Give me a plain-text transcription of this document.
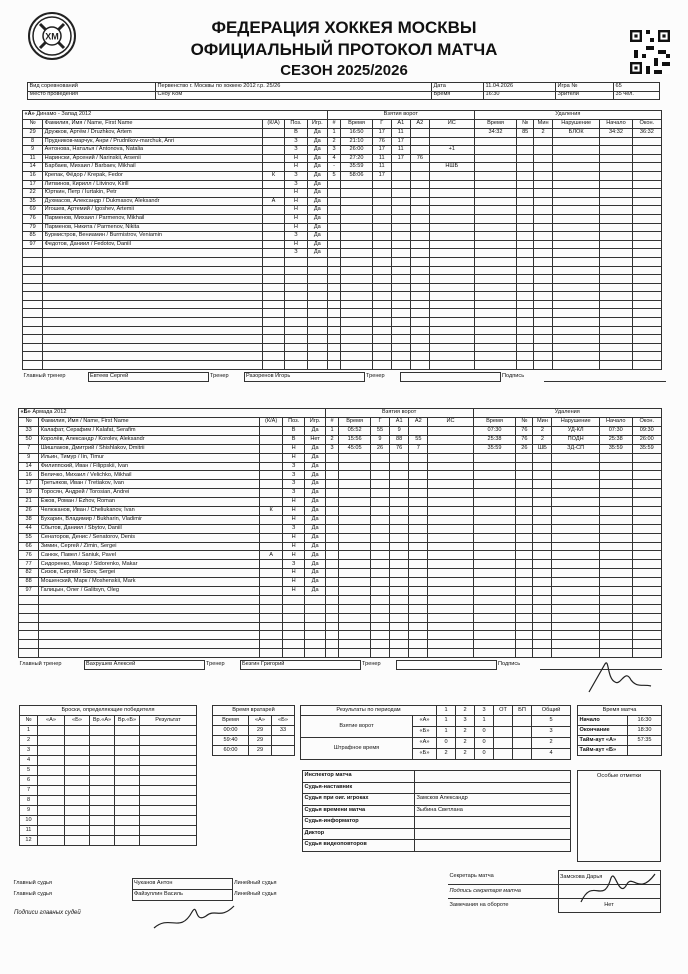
ХМ	ФЕДЕРАЦИЯ ХОККЕЯ МОСКВЫ
ОФИЦИАЛЬНЫЙ ПРОТОКОЛ МАТЧА
СЕЗОН 2025/2026
Вид соревнований	Первенство г. Москвы по хоккею 2012 г.р. 25/26	Дата	11.04.2026	Игра №	65
Место проведения	Сноу Ком	Время	16:30	Зрители	35 чел.
«А» Динамо - Запад 2012					Взятия ворот						Удаления					
№	Фамилия, Имя / Name, First Name	(К/А)	Поз.	Игр.	#	Время	Г	А1	А2	ИС	Время	№	Мин	Нарушение	Начало	Окон.
29	Дружков, Артём / Druzhkov, Artem		В	Да	1	16:50	17	11			34:32	85	2	БЛОК	34:32	36:32
8	Прудников-марчук, Анри / Prudnikov-marchuk, Anri		З	Да	2	21:10	76	17								
9	Антонова, Наталья / Antonova, Natalia		З	Да	3	26:00	17	11		+1						
11	Нарински, Арсений / Narinskii, Arsenii		Н	Да	4	27:20	11	17	76							
14	Барбаев, Михаил / Barbaev, Mikhail		Н	Да	-	35:59	11			НШБ						
16	Крепак, Фёдор / Krepak, Fedor	К	З	Да	5	58:06	17									
17	Литвинов, Кирилл / Litvinov, Kirill		З	Да												
22	Юрткин, Петр / Iurtakin, Petr		Н	Да												
35	Духмасов, Александр / Dukmasov, Aleksandr	А	Н	Да												
69	Игошев, Артемий / Igoshev, Artemii		Н	Да												
76	Парменов, Михаил / Parmenov, Mikhail		Н	Да												
79	Парменов, Никита / Parmenov, Nikita		Н	Да												
85	Бурмистров, Вениамин / Burmistrov, Veniamin		З	Да												
97	Федотов, Даниил / Fedotov, Daniil		Н	Да												
			З	Да												

Главный тренер	Евтеев Сергей	Тренер	Разоренов Игорь	Тренер		Подпись	
«Б» Армада 2012					Взятия ворот						Удаления					
№	Фамилия, Имя / Name, First Name	(К/А)	Поз.	Игр.	#	Время	Г	А1	А2	ИС	Время	№	Мин	Нарушение	Начало	Окон.
33	Калафат, Серафим / Kalafat, Serafim		В	Да	1	05:52	55	9			07:30	76	2	УД-КЛ	07:30	09:30
50	Королёв, Александр / Korolev, Aleksandr		В	Нет	2	15:56	9	88	55		25:38	76	2	ПОДН	25:38	26:00
7	Шишлаков, Дмитрий / Shishlakov, Dmitrii		Н	Да	3	45:05	26	76	7		35:59	26	ШБ	ЗД-СП	35:59	35:59
9	Ильин, Тимур / Iin, Timur		Н	Да												
14	Филиппский, Иван / Filippskii, Ivan		З	Да												
16	Величко, Михаил / Velichko, Mikhail		З	Да												
17	Третьяков, Иван / Tretiakov, Ivan		З	Да												
19	Торосян, Андрей / Torosian, Andrei		З	Да												
21	Ежов, Роман / Ezhov, Roman		Н	Да												
26	Челюканов, Иван / Cheliukanov, Ivan	К	Н	Да												
38	Бухарин, Владимир / Bukharin, Vladimir		Н	Да												
44	Сбытов, Даниил / Sbytov, Daniil		З	Да												
55	Сенаторов, Денис / Senatorov, Denis		Н	Да												
66	Зимин, Сергей / Zimin, Sergei		Н	Да												
76	Санюк, Павел / Saniuk, Pavel	А	Н	Да												
77	Сидоренко, Макар / Sidorenko, Makar		З	Да												
82	Сизов, Сергей / Sizov, Sergei		Н	Да												
88	Мошенский, Марк / Moshenskii, Mark		Н	Да												
97	Галицын, Олег / Galitsyn, Oleg		Н	Да												

Главный тренер	Вахрушев Алексей	Тренер	Безгин Григорий	Тренер		Подпись	
Броски, определяющие победителя					
№	«А»	«Б»	Вр.«А»	Вр.«Б»	Результат
1					
2					
3					
4					
5					
6					
7					
8					
9					
10					
11					
12					
Время вратарей		
Время	«А»	«Б»
00:00	29	33
59:40	29	
60:00	29	
Результаты по периодам		1	2	3	ОТ	БП	Общий
Взятие ворот	«А»	1	3	1			5
	«Б»	1	2	0			3
Штрафное время	«А»	0	2	0			2
	«Б»	2	2	0			4
Время матча	
Начало	16:30
Окончание	18:30
Тайм-аут «А»	57:35
Тайм-аут «Б»	
Инспектор матча	
Судья-наставник	
Судья при оиг. игроках	Замсков Александр
Судья времени матча	Зыбина Светлана
Судья-информатор	
Диктор	
Судья видеоповторов	
Особые отметки
Главный судья	Чуканов Антон	Линейный судья
Главный судья	Файзуллин Василь	Линейный судья
Подписи главных судей
Секретарь матча	Замскова Дарья
Подпись секретаря матча	
Замечания на обороте	Нет
